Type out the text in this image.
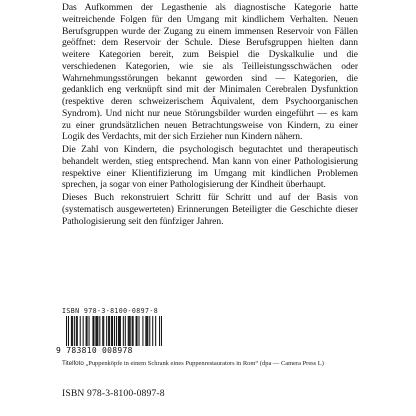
Das Aufkommen der Legasthenie als diagnostische Kategorie hatte weitreichende Folgen für den Umgang mit kindlichem Verhalten. Neuen Berufsgruppen wurde der Zugang zu einem immensen Reservoir von Fällen geöffnet: dem Reservoir der Schule. Diese Berufsgruppen hielten dann weitere Kategorien bereit, zum Beispiel die Dyskalkulie und die verschiedenen Kategorien, wie sie als Teilleistungsschwächen oder Wahrnehmungsstörungen bekannt geworden sind — Kategorien, die gedanklich eng verknüpft sind mit der Minimalen Cerebralen Dysfunktion (respektive deren schweizerischem Äquivalent, dem Psychoorganischen Syndrom). Und nicht nur neue Störungsbilder wurden eingeführt — es kam zu einer grundsätzlichen neuen Betrachtungsweise von Kindern, zu einer Logik des Verdachts, mit der sich Erzieher nun Kindern nähern.

Die Zahl von Kindern, die psychologisch begutachtet und therapeutisch behandelt werden, stieg entsprechend. Man kann von einer Pathologisierung respektive einer Klientifizierung im Umgang mit kindlichen Problemen sprechen, ja sogar von einer Pathologisierung der Kindheit überhaupt.

Dieses Buch rekonstruiert Schritt für Schritt und auf der Basis von (systematisch ausgewerteten) Erinnerungen Beteiligter die Geschichte dieser Pathologisierung seit den fünfziger Jahren.

ISBN 978-3-8100-0897-8
9 783810 008978
Titelfoto „Puppenköpfe in einem Schrank eines Puppenrestaurators in Rom“ (dpa — Camera Press L)
ISBN 978-3-8100-0897-8
